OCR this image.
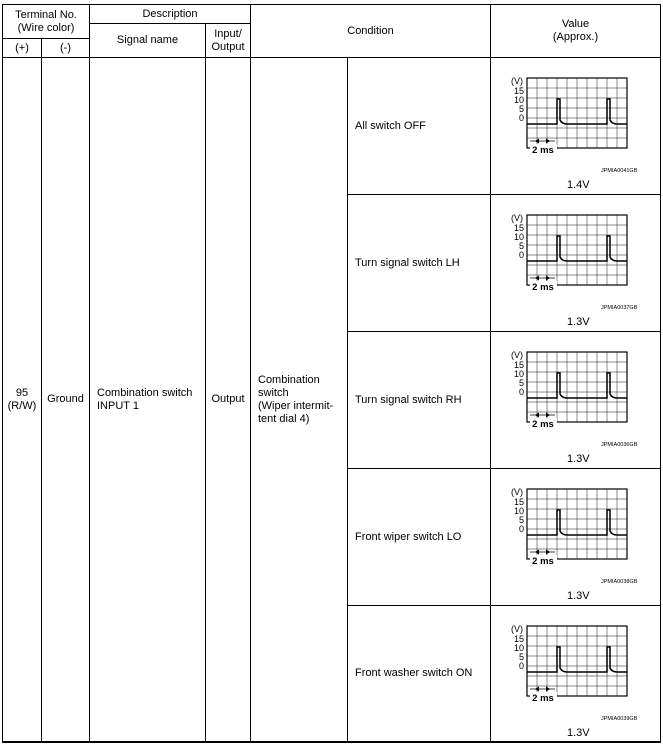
Terminal No.
(Wire color)
(+)	(-)
Description
Signal name
Input/
Output
Condition
Value
(Approx.)
95
(R/W)
Ground
Combination switch
INPUT 1
Output
Combination
switch
(Wiper intermit-
tent dial 4)
All switch OFF
Turn signal switch LH
Turn signal switch RH
Front wiper switch LO
Front washer switch ON
(V)
15
10
5
0
2 ms
JPMIA0041GB
1.4V
(V)
15
10
5
0
2 ms
JPMIA0037GB
1.3V
(V)
15
10
5
0
2 ms
JPMIA0036GB
1.3V
(V)
15
10
5
0
2 ms
JPMIA0038GB
1.3V
(V)
15
10
5
0
2 ms
JPMIA0039GB
1.3V
